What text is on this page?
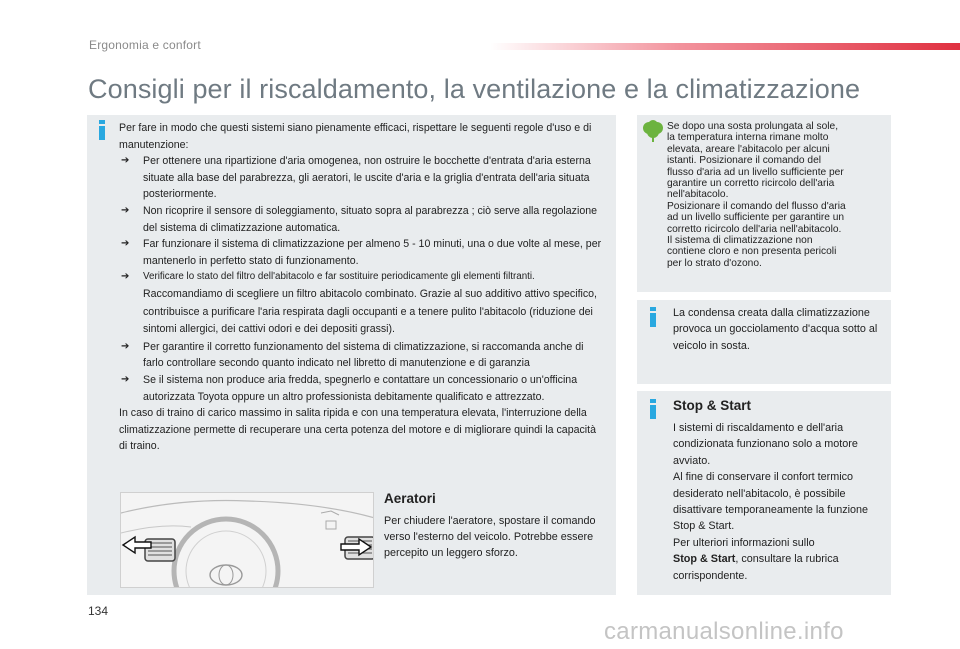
Ergonomia e confort
Consigli per il riscaldamento, la ventilazione e la climatizzazione

Per fare in modo che questi sistemi siano pienamente efficaci, rispettare le seguenti regole d'uso e di manutenzione:

➔ Per ottenere una ripartizione d'aria omogenea, non ostruire le bocchette d'entrata d'aria esterna situate alla base del parabrezza, gli aeratori, le uscite d'aria e la griglia d'entrata dell'aria situata posteriormente.
➔ Non ricoprire il sensore di soleggiamento, situato sopra al parabrezza ; ciò serve alla regolazione del sistema di climatizzazione automatica.
➔ Far funzionare il sistema di climatizzazione per almeno 5 - 10 minuti, una o due volte al mese, per mantenerlo in perfetto stato di funzionamento.
➔ Verificare lo stato del filtro dell'abitacolo e far sostituire periodicamente gli elementi filtranti.
Raccomandiamo di scegliere un filtro abitacolo combinato. Grazie al suo additivo attivo specifico, contribuisce a purificare l'aria respirata dagli occupanti e a tenere pulito l'abitacolo (riduzione dei sintomi allergici, dei cattivi odori e dei depositi grassi).
➔ Per garantire il corretto funzionamento del sistema di climatizzazione, si raccomanda anche di farlo controllare secondo quanto indicato nel libretto di manutenzione e di garanzia
➔ Se il sistema non produce aria fredda, spegnerlo e contattare un concessionario o un'officina autorizzata Toyota oppure un altro professionista debitamente qualificato e attrezzato.

In caso di traino di carico massimo in salita ripida e con una temperatura elevata, l'interruzione della climatizzazione permette di recuperare una certa potenza del motore e di migliorare quindi la capacità di traino.

Aeratori
Per chiudere l'aeratore, spostare il comando verso l'esterno del veicolo. Potrebbe essere percepito un leggero sforzo.
Se dopo una sosta prolungata al sole,
la temperatura interna rimane molto
elevata, areare l'abitacolo per alcuni
istanti. Posizionare il comando del
flusso d'aria ad un livello sufficiente per
garantire un corretto ricircolo dell'aria
nell'abitacolo.
Posizionare il comando del flusso d'aria
ad un livello sufficiente per garantire un
corretto ricircolo dell'aria nell'abitacolo.
Il sistema di climatizzazione non
contiene cloro e non presenta pericoli
per lo strato d'ozono.
La condensa creata dalla climatizzazione provoca un gocciolamento d'acqua sotto al veicolo in sosta.
Stop & Start
I sistemi di riscaldamento e dell'aria condizionata funzionano solo a motore avviato.
Al fine di conservare il confort termico desiderato nell'abitacolo, è possibile disattivare temporaneamente la funzione Stop & Start.
Per ulteriori informazioni sullo
Stop & Start, consultare la rubrica corrispondente.
134
carmanualsonline.info
